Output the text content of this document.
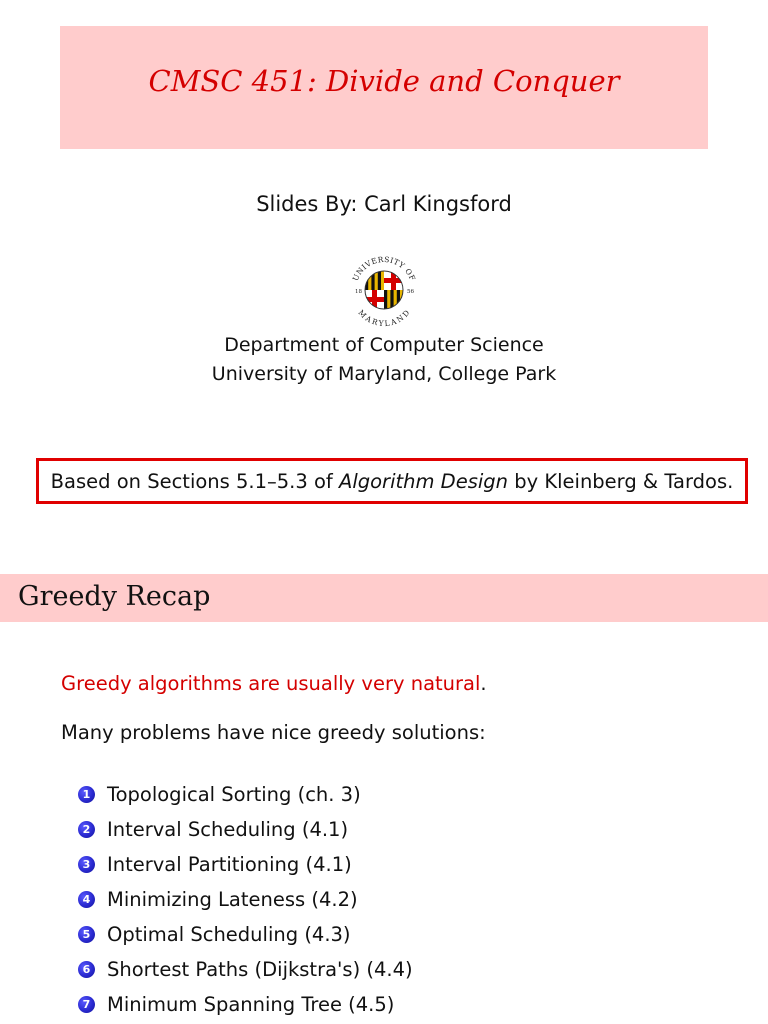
CMSC 451: Divide and Conquer
Slides By: Carl Kingsford
UNIVERSITY OF
MARYLAND
18	56
Department of Computer Science
University of Maryland, College Park
Based on Sections 5.1–5.3 of Algorithm Design by Kleinberg & Tardos.
Greedy Recap
Greedy algorithms are usually very natural.
Many problems have nice greedy solutions:
1 Topological Sorting (ch. 3)
2 Interval Scheduling (4.1)
3 Interval Partitioning (4.1)
4 Minimizing Lateness (4.2)
5 Optimal Scheduling (4.3)
6 Shortest Paths (Dijkstra's) (4.4)
7 Minimum Spanning Tree (4.5)
